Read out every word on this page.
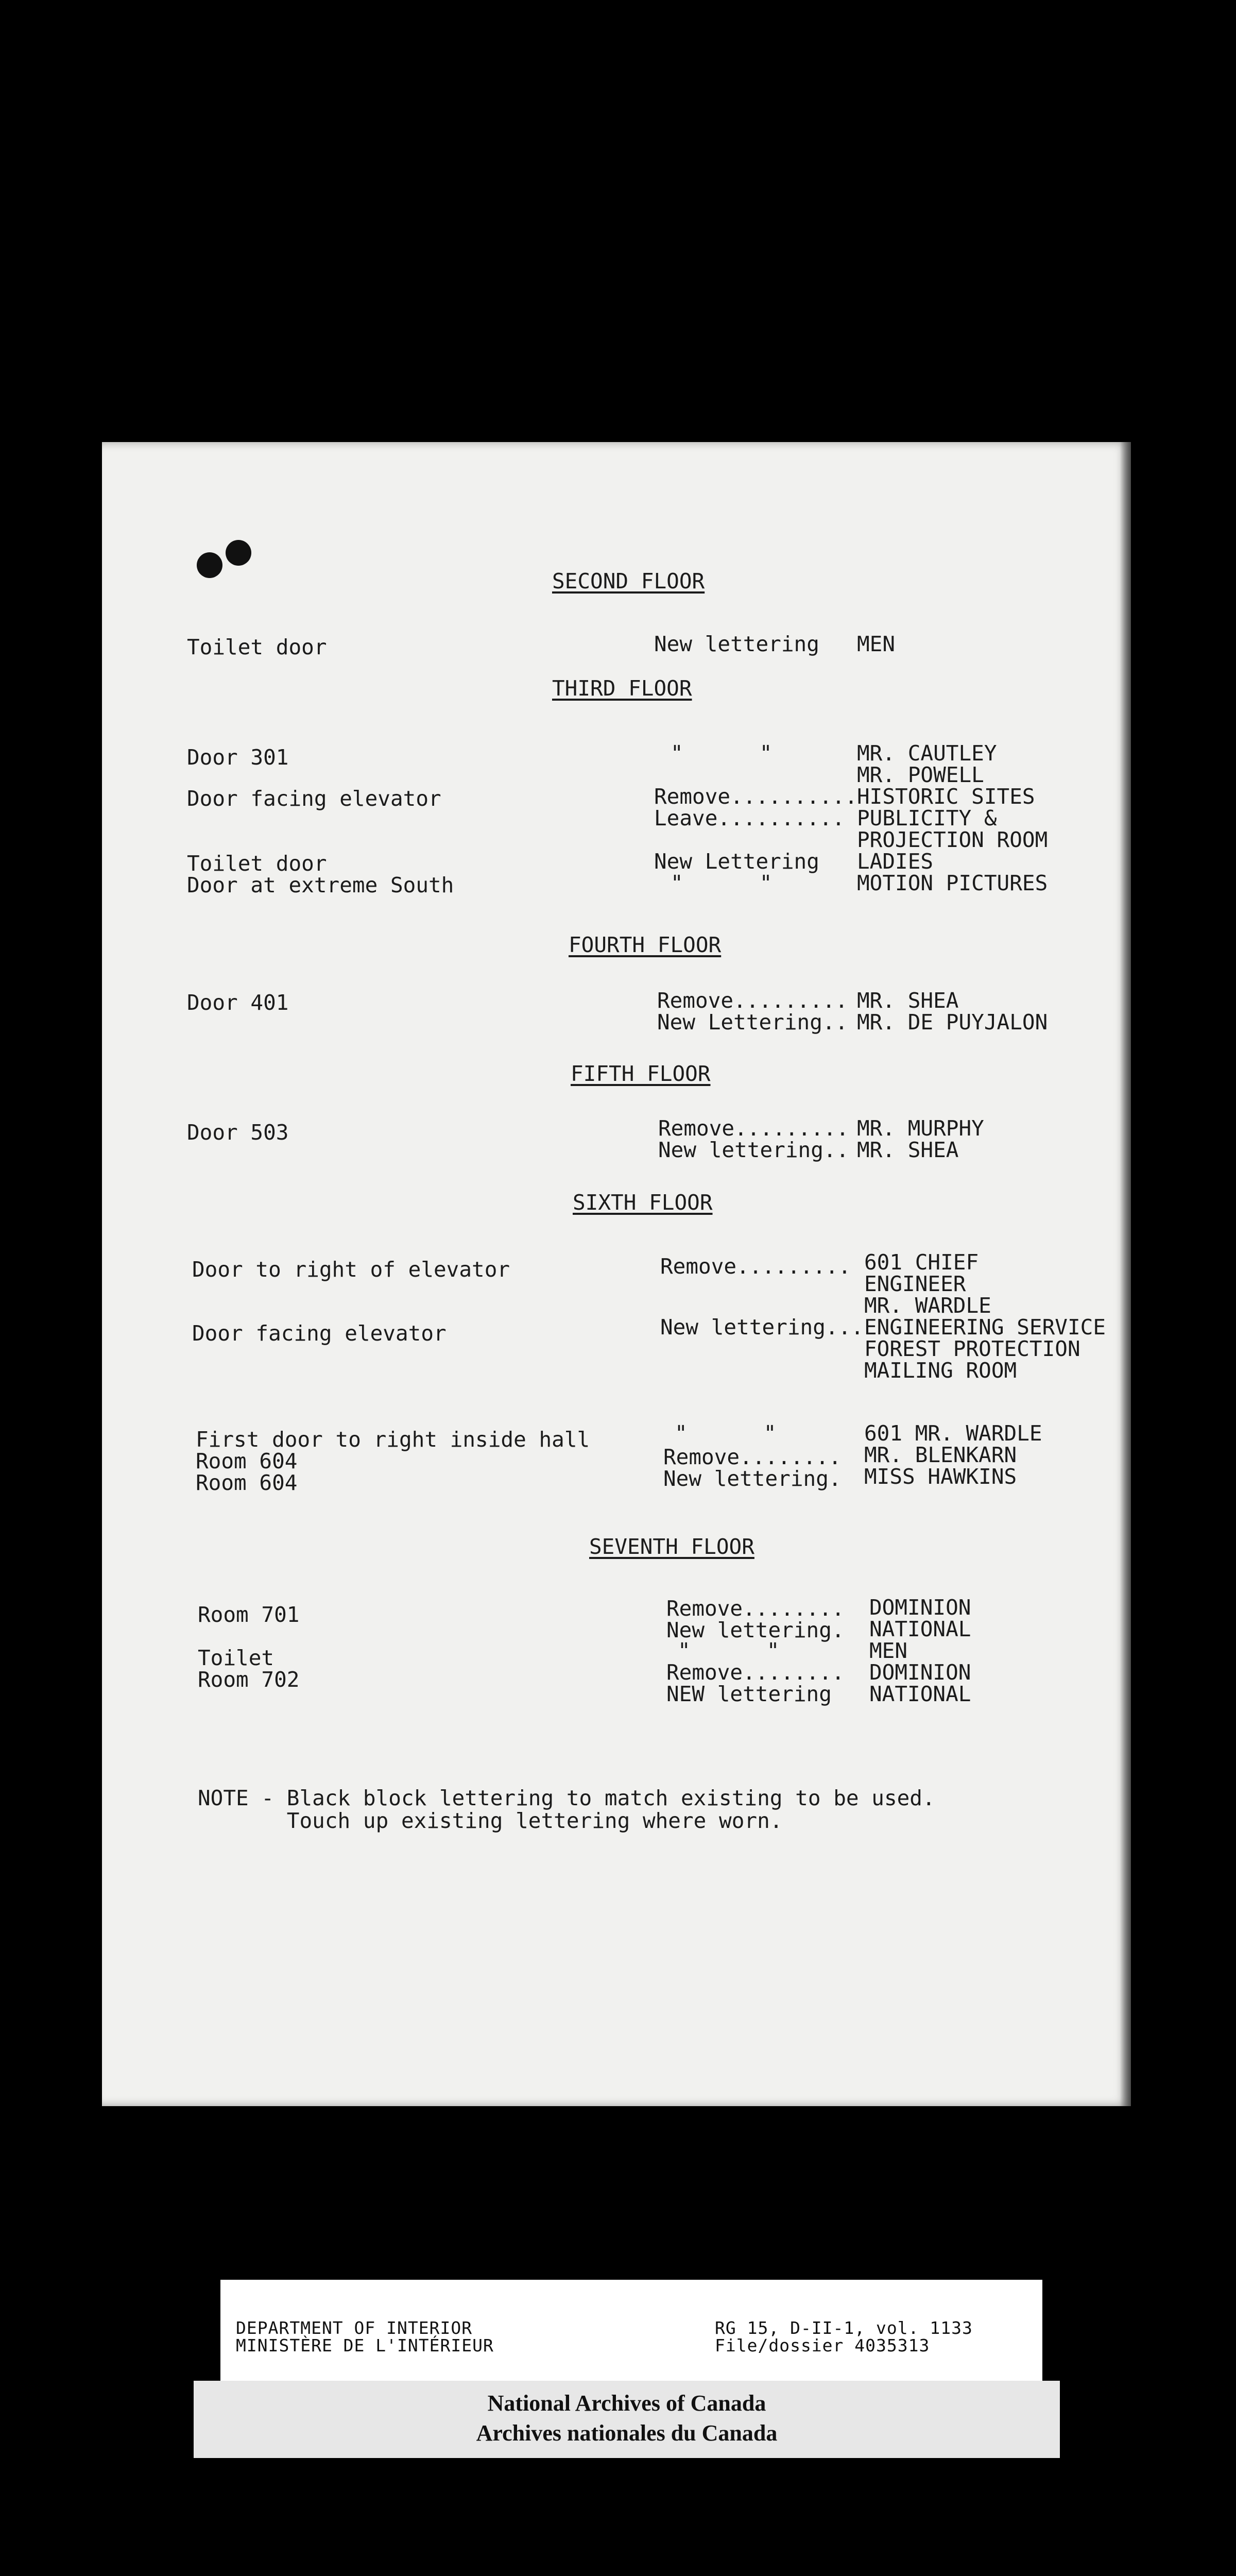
SECOND FLOOR
Toilet door	New lettering MEN
THIRD FLOOR
Door 301	"      "	MR. CAUTLEY
MR. POWELL
Door facing elevator	Remove.......... HISTORIC SITES
Leave.......... PUBLICITY &
PROJECTION ROOM
Toilet door	New Lettering LADIES
Door at extreme South	"      "	MOTION PICTURES
FOURTH FLOOR
Door 401	Remove......... MR. SHEA
New Lettering.. MR. DE PUYJALON
FIFTH FLOOR
Door 503	Remove......... MR. MURPHY
New lettering.. MR. SHEA
SIXTH FLOOR
Door to right of elevator	Remove......... 601 CHIEF
ENGINEER
MR. WARDLE
Door facing elevator	New lettering... ENGINEERING SERVICE
FOREST PROTECTION
MAILING ROOM
First door to right inside hall	"      "	601 MR. WARDLE
Room 604	Remove........ MR. BLENKARN
Room 604	New lettering. MISS HAWKINS
SEVENTH FLOOR
Room 701	Remove........ DOMINION
New lettering. NATIONAL
Toilet	"      "	MEN
Room 702	Remove........ DOMINION
NEW lettering NATIONAL
NOTE - Black block lettering to match existing to be used.
Touch up existing lettering where worn.
DEPARTMENT OF INTERIOR
MINISTÈRE DE L'INTÉRIEUR
RG 15, D-II-1, vol. 1133
File/dossier 4035313
National Archives of Canada
Archives nationales du Canada
